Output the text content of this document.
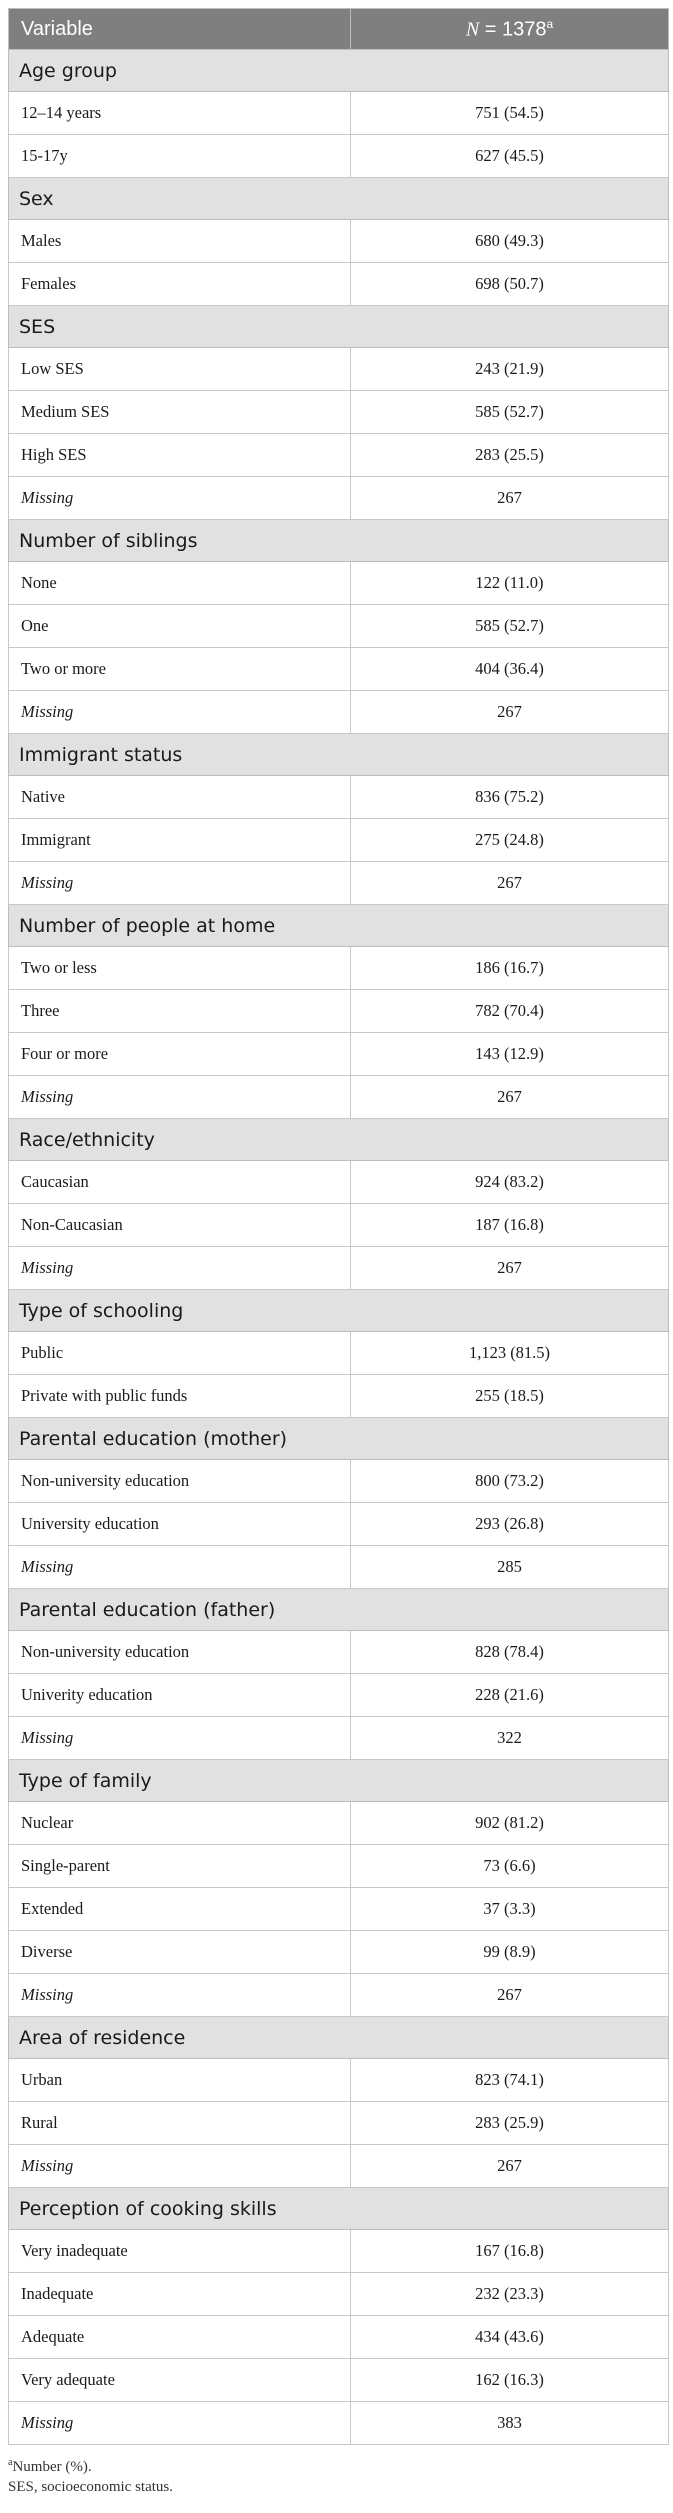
Variable	$N = 1378^a$
Age group	
12–14 years	751 (54.5)
15-17y	627 (45.5)
Sex	
Males	680 (49.3)
Females	698 (50.7)
SES	
Low SES	243 (21.9)
Medium SES	585 (52.7)
High SES	283 (25.5)
Missing	267
Number of siblings	
None	122 (11.0)
One	585 (52.7)
Two or more	404 (36.4)
Missing	267
Immigrant status	
Native	836 (75.2)
Immigrant	275 (24.8)
Missing	267
Number of people at home	
Two or less	186 (16.7)
Three	782 (70.4)
Four or more	143 (12.9)
Missing	267
Race/ethnicity	
Caucasian	924 (83.2)
Non-Caucasian	187 (16.8)
Missing	267
Type of schooling	
Public	1,123 (81.5)
Private with public funds	255 (18.5)
Parental education (mother)	
Non-university education	800 (73.2)
University education	293 (26.8)
Missing	285
Parental education (father)	
Non-university education	828 (78.4)
Univerity education	228 (21.6)
Missing	322
Type of family	
Nuclear	902 (81.2)
Single-parent	73 (6.6)
Extended	37 (3.3)
Diverse	99 (8.9)
Missing	267
Area of residence	
Urban	823 (74.1)
Rural	283 (25.9)
Missing	267
Perception of cooking skills	
Very inadequate	167 (16.8)
Inadequate	232 (23.3)
Adequate	434 (43.6)
Very adequate	162 (16.3)
Missing	383
$^a$Number (%).
SES, socioeconomic status.
